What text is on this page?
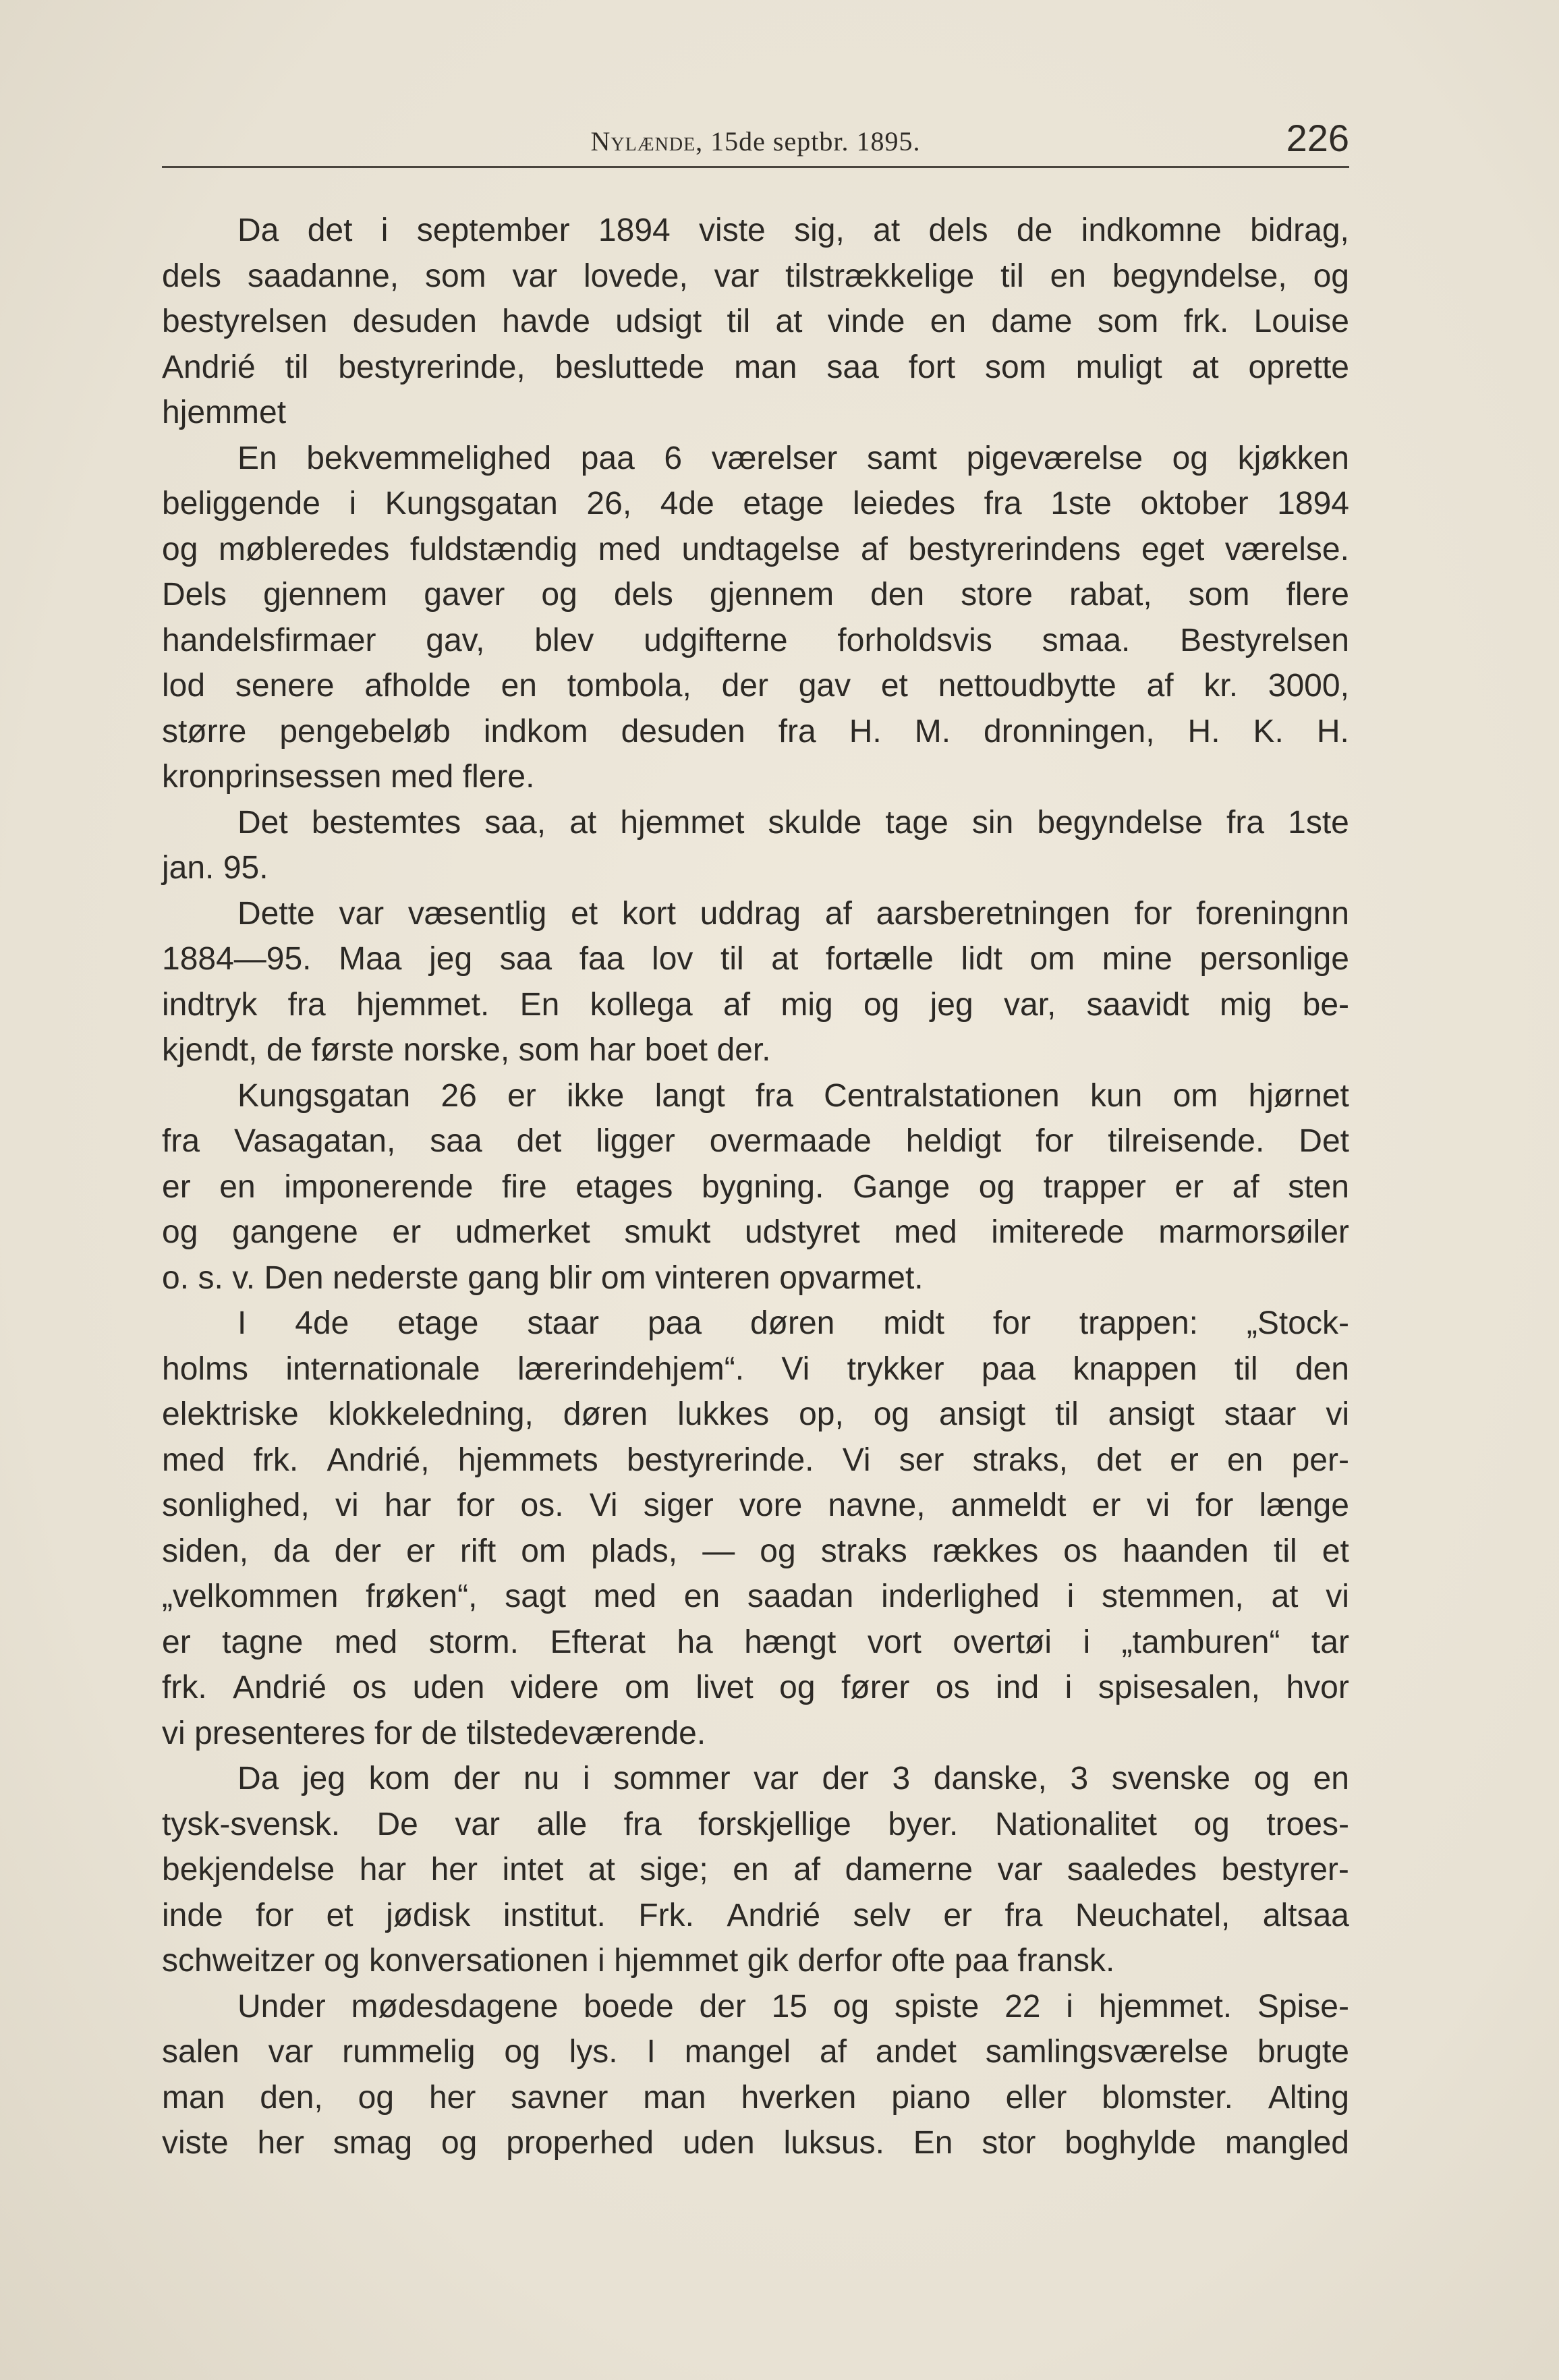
Nylænde, 15de septbr. 1895.	226
Da det i september 1894 viste sig, at dels de indkomne bidrag,
dels saadanne, som var lovede, var tilstrækkelige til en begyndelse, og
bestyrelsen desuden havde udsigt til at vinde en dame som frk. Louise
Andrié til bestyrerinde, besluttede man saa fort som muligt at oprette
hjemmet
En bekvemmelighed paa 6 værelser samt pigeværelse og kjøkken
beliggende i Kungsgatan 26, 4de etage leiedes fra 1ste oktober 1894
og møbleredes fuldstændig med undtagelse af bestyrerindens eget værelse.
Dels gjennem gaver og dels gjennem den store rabat, som flere
handelsfirmaer gav, blev udgifterne forholdsvis smaa. Bestyrelsen
lod senere afholde en tombola, der gav et nettoudbytte af kr. 3000,
større pengebeløb indkom desuden fra H. M. dronningen, H. K. H.
kronprinsessen med flere.
Det bestemtes saa, at hjemmet skulde tage sin begyndelse fra 1ste
jan. 95.
Dette var væsentlig et kort uddrag af aarsberetningen for foreningnn
1884—95. Maa jeg saa faa lov til at fortælle lidt om mine personlige
indtryk fra hjemmet. En kollega af mig og jeg var, saavidt mig be-
kjendt, de første norske, som har boet der.
Kungsgatan 26 er ikke langt fra Centralstationen kun om hjørnet
fra Vasagatan, saa det ligger overmaade heldigt for tilreisende. Det
er en imponerende fire etages bygning. Gange og trapper er af sten
og gangene er udmerket smukt udstyret med imiterede marmorsøiler
o. s. v. Den nederste gang blir om vinteren opvarmet.
I 4de etage staar paa døren midt for trappen: „Stock-
holms internationale lærerindehjem“. Vi trykker paa knappen til den
elektriske klokkeledning, døren lukkes op, og ansigt til ansigt staar vi
med frk. Andrié, hjemmets bestyrerinde. Vi ser straks, det er en per-
sonlighed, vi har for os. Vi siger vore navne, anmeldt er vi for længe
siden, da der er rift om plads, — og straks rækkes os haanden til et
„velkommen frøken“, sagt med en saadan inderlighed i stemmen, at vi
er tagne med storm. Efterat ha hængt vort overtøi i „tamburen“ tar
frk. Andrié os uden videre om livet og fører os ind i spisesalen, hvor
vi presenteres for de tilstedeværende.
Da jeg kom der nu i sommer var der 3 danske, 3 svenske og en
tysk-svensk. De var alle fra forskjellige byer. Nationalitet og troes-
bekjendelse har her intet at sige; en af damerne var saaledes bestyrer-
inde for et jødisk institut. Frk. Andrié selv er fra Neuchatel, altsaa
schweitzer og konversationen i hjemmet gik derfor ofte paa fransk.
Under mødesdagene boede der 15 og spiste 22 i hjemmet. Spise-
salen var rummelig og lys. I mangel af andet samlingsværelse brugte
man den, og her savner man hverken piano eller blomster. Alting
viste her smag og properhed uden luksus. En stor boghylde mangled
